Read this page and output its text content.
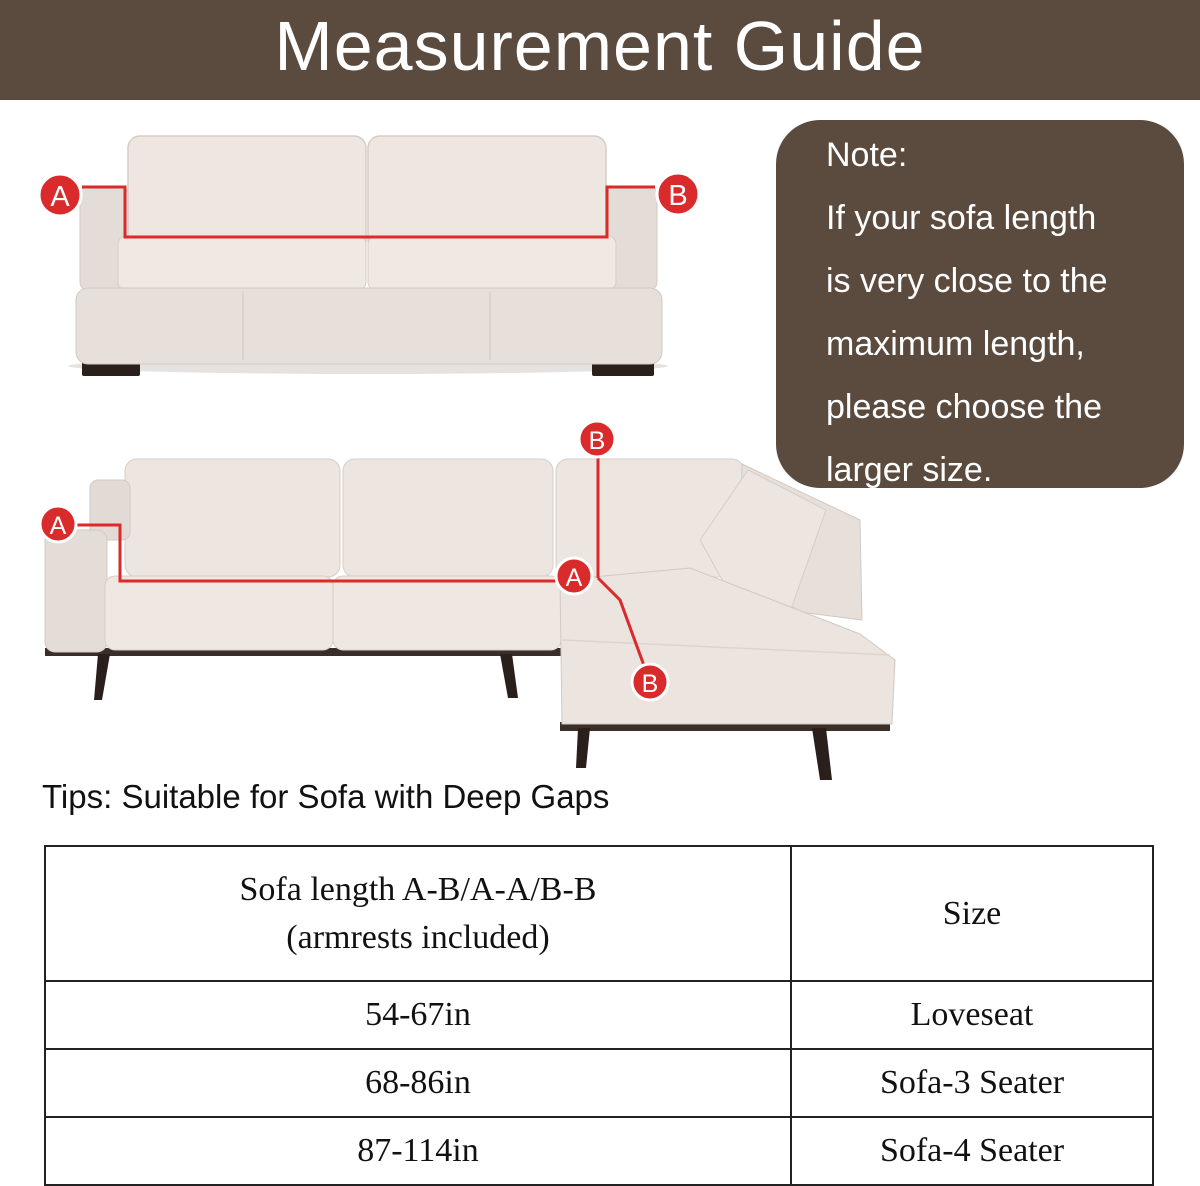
Measurement Guide
A	B
A
B
A
B
Note:
If your sofa length
is very close to the
maximum length,
please choose the
larger size.
Tips: Suitable for Sofa with Deep Gaps
Sofa length A-B/A-A/B-B
(armrests included)	Size
54-67in	Loveseat
68-86in	Sofa-3 Seater
87-114in	Sofa-4 Seater
